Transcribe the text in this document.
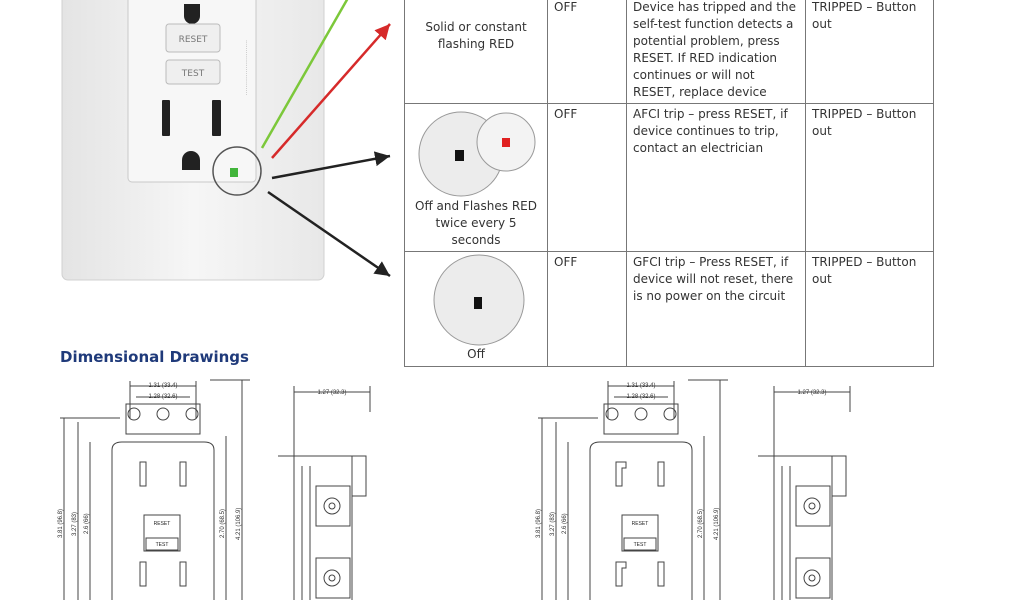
RESET
TEST	·····························
Solid or constant flashing RED	OFF	Device has tripped and the self-test function detects a potential problem, press RESET. If RED indication continues or will not RESET, replace device	TRIPPED – Button out

Off and Flashes RED twice every 5 seconds	OFF	AFCI trip – press RESET, if device continues to trip, contact an electrician	TRIPPED – Button out

Off	OFF	GFCI trip – Press RESET, if device will not reset, there is no power on the circuit	TRIPPED – Button out
Dimensional Drawings
1.31 (33.4)
1.28 (32.6)
3.81 (96.8) 3.27 (83) 2.6 (66)	2.70 (68.5) 4.21 (106.9)
RESET
TEST
1.27 (32.3)
1.31 (33.4)
1.28 (32.6)
3.81 (96.8) 3.27 (83) 2.6 (66)	2.70 (68.5) 4.21 (106.9)
RESET
TEST
1.27 (32.3)
